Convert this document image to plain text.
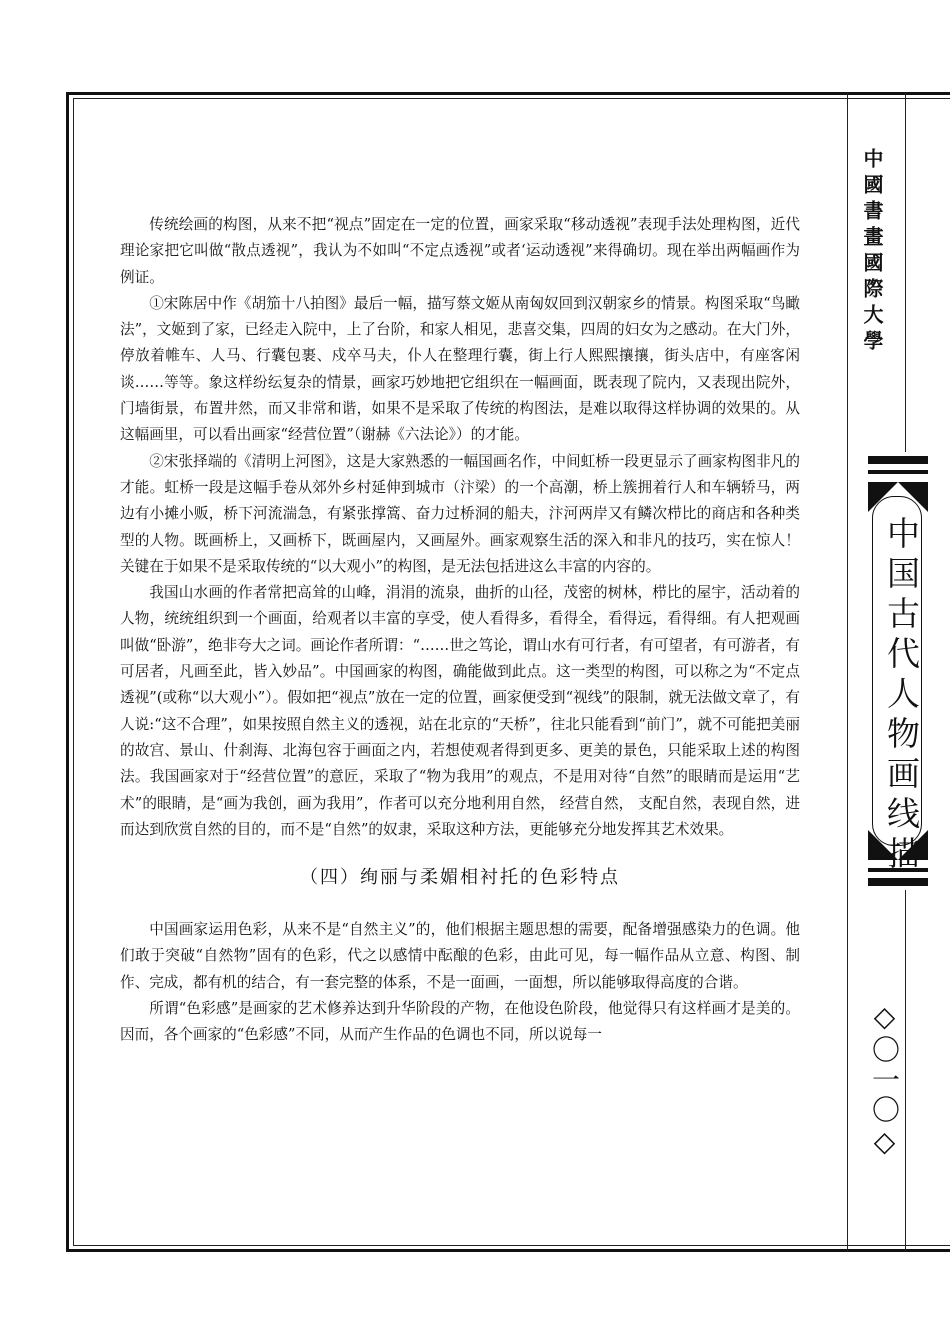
中國書畫國際大學
中国古代人物画线描
◇〇一〇◇

传统绘画的构图，从来不把“视点”固定在一定的位置，画家采取“移动透视”表现手法处理构图，近代理论家把它叫做“散点透视”，我认为不如叫“不定点透视”或者‘运动透视”来得确切。现在举出两幅画作为例证。

①宋陈居中作《胡笳十八拍图》最后一幅，描写蔡文姬从南匈奴回到汉朝家乡的情景。构图采取“鸟瞰法”，文姬到了家，已经走入院中，上了台阶，和家人相见，悲喜交集，四周的妇女为之感动。在大门外，停放着帷车、人马、行囊包裹、戍卒马夫，仆人在整理行囊，街上行人熙熙攘攘，街头店中，有座客闲谈……等等。象这样纷纭复杂的情景，画家巧妙地把它组织在一幅画面，既表现了院内，又表现出院外，门墙街景，布置井然，而又非常和谐，如果不是采取了传统的构图法，是难以取得这样协调的效果的。从这幅画里，可以看出画家“经营位置”（谢赫《六法论》）的才能。

②宋张择端的《清明上河图》，这是大家熟悉的一幅国画名作，中间虹桥一段更显示了画家构图非凡的才能。虹桥一段是这幅手卷从郊外乡村延伸到城市（汴梁）的一个高潮，桥上簇拥着行人和车辆轿马，两边有小摊小贩，桥下河流湍急，有紧张撑篙、奋力过桥洞的船夫，汴河两岸又有鳞次栉比的商店和各种类型的人物。既画桥上，又画桥下，既画屋内，又画屋外。画家观察生活的深入和非凡的技巧，实在惊人！关键在于如果不是采取传统的“以大观小”的构图，是无法包括进这么丰富的内容的。

我国山水画的作者常把高耸的山峰，涓涓的流泉，曲折的山径，茂密的树林，栉比的屋宇，活动着的人物，统统组织到一个画面，给观者以丰富的享受，使人看得多，看得全，看得远，看得细。有人把观画叫做“卧游”，绝非夸大之词。画论作者所谓：“……世之笃论，谓山水有可行者，有可望者，有可游者，有可居者，凡画至此，皆入妙品”。中国画家的构图，确能做到此点。这一类型的构图，可以称之为“不定点透视”(或称“以大观小”）。假如把“视点”放在一定的位置，画家便受到“视线”的限制，就无法做文章了，有人说:“这不合理”，如果按照自然主义的透视，站在北京的“天桥”，往北只能看到“前门”，就不可能把美丽的故宫、景山、什刹海、北海包容于画面之内，若想使观者得到更多、更美的景色，只能采取上述的构图法。我国画家对于“经营位置”的意匠，采取了“物为我用”的观点，不是用对待“自然”的眼睛而是运用“艺术”的眼睛，是“画为我创，画为我用”，作者可以充分地利用自然， 经营自然， 支配自然，表现自然，进而达到欣赏自然的目的，而不是“自然”的奴隶，采取这种方法，更能够充分地发挥其艺术效果。

（四）绚丽与柔媚相衬托的色彩特点

中国画家运用色彩，从来不是“自然主义”的，他们根据主题思想的需要，配备增强感染力的色调。他们敢于突破“自然物”固有的色彩，代之以感情中酝酿的色彩，由此可见，每一幅作品从立意、构图、制作、完成，都有机的结合，有一套完整的体系，不是一面画，一面想，所以能够取得高度的合谐。

所谓“色彩感”是画家的艺术修养达到升华阶段的产物，在他设色阶段，他觉得只有这样画才是美的。因而，各个画家的“色彩感”不同，从而产生作品的色调也不同，所以说每一
